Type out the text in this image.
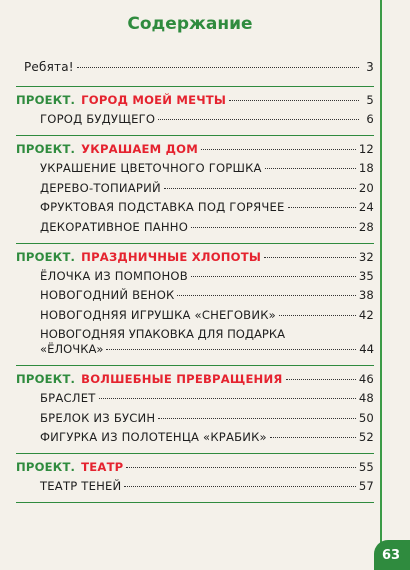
63
Содержание
Ребята!	3
ПРОЕКТ. ГОРОД МОЕЙ МЕЧТЫ	5
ГОРОД БУДУЩЕГО	6
ПРОЕКТ. УКРАШАЕМ ДОМ	12
УКРАШЕНИЕ ЦВЕТОЧНОГО ГОРШКА	18
ДЕРЕВО-ТОПИАРИЙ	20
ФРУКТОВАЯ ПОДСТАВКА ПОД ГОРЯЧЕЕ	24
ДЕКОРАТИВНОЕ ПАННО	28
ПРОЕКТ. ПРАЗДНИЧНЫЕ ХЛОПОТЫ	32
ЁЛОЧКА ИЗ ПОМПОНОВ	35
НОВОГОДНИЙ ВЕНОК	38
НОВОГОДНЯЯ ИГРУШКА «СНЕГОВИК»	42
НОВОГОДНЯЯ УПАКОВКА ДЛЯ ПОДАРКА
«ЁЛОЧКА»	44
ПРОЕКТ. ВОЛШЕБНЫЕ ПРЕВРАЩЕНИЯ	46
БРАСЛЕТ	48
БРЕЛОК ИЗ БУСИН	50
ФИГУРКА ИЗ ПОЛОТЕНЦА «КРАБИК»	52
ПРОЕКТ. ТЕАТР	55
ТЕАТР ТЕНЕЙ	57
